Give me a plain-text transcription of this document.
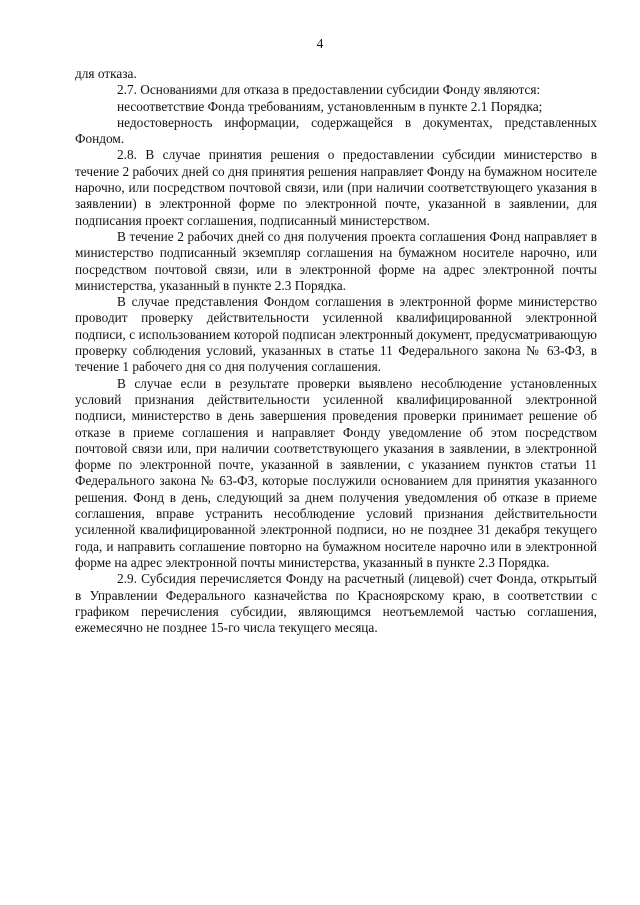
4

для отказа.

2.7. Основаниями для отказа в предоставлении субсидии Фонду являются:

несоответствие Фонда требованиям, установленным в пункте 2.1 Порядка;

недостоверность информации, содержащейся в документах, представленных Фондом.

2.8. В случае принятия решения о предоставлении субсидии министерство в течение 2 рабочих дней со дня принятия решения направляет Фонду на бумажном носителе нарочно, или посредством почтовой связи, или (при наличии соответствующего указания в заявлении) в электронной форме по электронной почте, указанной в заявлении, для подписания проект соглашения, подписанный министерством.

В течение 2 рабочих дней со дня получения проекта соглашения Фонд направляет в министерство подписанный экземпляр соглашения на бумажном носителе нарочно, или посредством почтовой связи, или в электронной форме на адрес электронной почты министерства, указанный в пункте 2.3 Порядка.

В случае представления Фондом соглашения в электронной форме министерство проводит проверку действительности усиленной квалифицированной электронной подписи, с использованием которой подписан электронный документ, предусматривающую проверку соблюдения условий, указанных в статье 11 Федерального закона № 63-ФЗ, в течение 1 рабочего дня со дня получения соглашения.

В случае если в результате проверки выявлено несоблюдение установленных условий признания действительности усиленной квалифицированной электронной подписи, министерство в день завершения проведения проверки принимает решение об отказе в приеме соглашения и направляет Фонду уведомление об этом посредством почтовой связи или, при наличии соответствующего указания в заявлении, в электронной форме по электронной почте, указанной в заявлении, с указанием пунктов статьи 11 Федерального закона № 63-ФЗ, которые послужили основанием для принятия указанного решения. Фонд в день, следующий за днем получения уведомления об отказе в приеме соглашения, вправе устранить несоблюдение условий признания действительности усиленной квалифицированной электронной подписи, но не позднее 31 декабря текущего года, и направить соглашение повторно на бумажном носителе нарочно или в электронной форме на адрес электронной почты министерства, указанный в пункте 2.3 Порядка.

2.9. Субсидия перечисляется Фонду на расчетный (лицевой) счет Фонда, открытый в Управлении Федерального казначейства по Красноярскому краю, в соответствии с графиком перечисления субсидии, являющимся неотъемлемой частью соглашения, ежемесячно не позднее 15-го числа текущего месяца.
